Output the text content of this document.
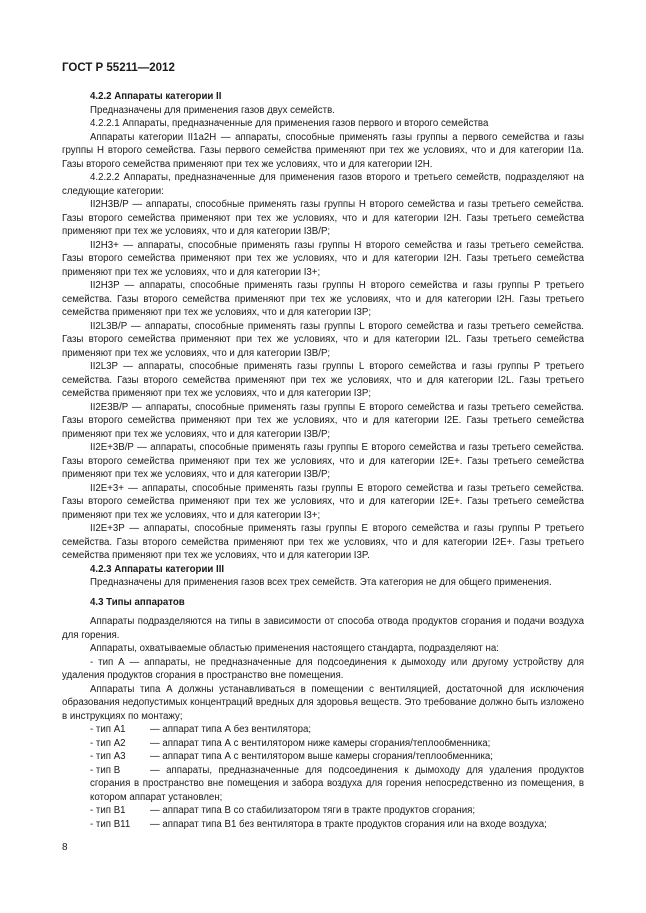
ГОСТ Р 55211—2012

4.2.2 Аппараты категории II

Предназначены для применения газов двух семейств.

4.2.2.1 Аппараты, предназначенные для применения газов первого и второго семейства

Аппараты категории II1a2H — аппараты, способные применять газы группы а первого семейства и газы группы Н второго семейства. Газы первого семейства применяют при тех же условиях, что и для категории I1a. Газы второго семейства применяют при тех же условиях, что и для категории I2H.

4.2.2.2 Аппараты, предназначенные для применения газов второго и третьего семейств, подразделяют на следующие категории:

II2H3B/P — аппараты, способные применять газы группы Н второго семейства и газы третьего семейства. Газы второго семейства применяют при тех же условиях, что и для категории I2H. Газы третьего семейства применяют при тех же условиях, что и для категории I3B/P;

II2H3+ — аппараты, способные применять газы группы Н второго семейства и газы третьего семейства. Газы второго семейства применяют при тех же условиях, что и для категории I2H. Газы третьего семейства применяют при тех же условиях, что и для категории I3+;

II2H3P — аппараты, способные применять газы группы Н второго семейства и газы группы Р третьего семейства. Газы второго семейства применяют при тех же условиях, что и для категории I2H. Газы третьего семейства применяют при тех же условиях, что и для категории I3P;

II2L3B/P — аппараты, способные применять газы группы L второго семейства и газы третьего семейства. Газы второго семейства применяют при тех же условиях, что и для категории I2L. Газы третьего семейства применяют при тех же условиях, что и для категории I3B/P;

II2L3P — аппараты, способные применять газы группы L второго семейства и газы группы Р третьего семейства. Газы второго семейства применяют при тех же условиях, что и для категории I2L. Газы третьего семейства применяют при тех же условиях, что и для категории I3P;

II2E3B/P — аппараты, способные применять газы группы Е второго семейства и газы третьего семейства. Газы второго семейства применяют при тех же условиях, что и для категории I2E. Газы третьего семейства применяют при тех же условиях, что и для категории I3B/P;

II2E+3B/P — аппараты, способные применять газы группы Е второго семейства и газы третьего семейства. Газы второго семейства применяют при тех же условиях, что и для категории I2E+. Газы третьего семейства применяют при тех же условиях, что и для категории I3B/P;

II2E+3+ — аппараты, способные применять газы группы Е второго семейства и газы третьего семейства. Газы второго семейства применяют при тех же условиях, что и для категории I2E+. Газы третьего семейства применяют при тех же условиях, что и для категории I3+;

II2E+3P — аппараты, способные применять газы группы Е второго семейства и газы группы Р третьего семейства. Газы второго семейства применяют при тех же условиях, что и для категории I2E+. Газы третьего семейства применяют при тех же условиях, что и для категории I3P.

4.2.3 Аппараты категории III

Предназначены для применения газов всех трех семейств. Эта категория не для общего применения.

4.3 Типы аппаратов

Аппараты подразделяются на типы в зависимости от способа отвода продуктов сгорания и подачи воздуха для горения.

Аппараты, охватываемые областью применения настоящего стандарта, подразделяют на:

- тип А — аппараты, не предназначенные для подсоединения к дымоходу или другому устройству для удаления продуктов сгорания в пространство вне помещения.

Аппараты типа А должны устанавливаться в помещении с вентиляцией, достаточной для исключения образования недопустимых концентраций вредных для здоровья веществ. Это требование должно быть изложено в инструкциях по монтажу;

- тип A1	— аппарат типа А без вентилятора;

- тип A2	— аппарат типа А с вентилятором ниже камеры сгорания/теплообменника;

- тип A3	— аппарат типа А с вентилятором выше камеры сгорания/теплообменника;

- тип B	— аппараты, предназначенные для подсоединения к дымоходу для удаления продуктов сгорания в пространство вне помещения и забора воздуха для горения непосредственно из помещения, в котором аппарат установлен;

- тип B1	— аппарат типа В со стабилизатором тяги в тракте продуктов сгорания;

- тип B11 — аппарат типа B1 без вентилятора в тракте продуктов сгорания или на входе воздуха;

8
